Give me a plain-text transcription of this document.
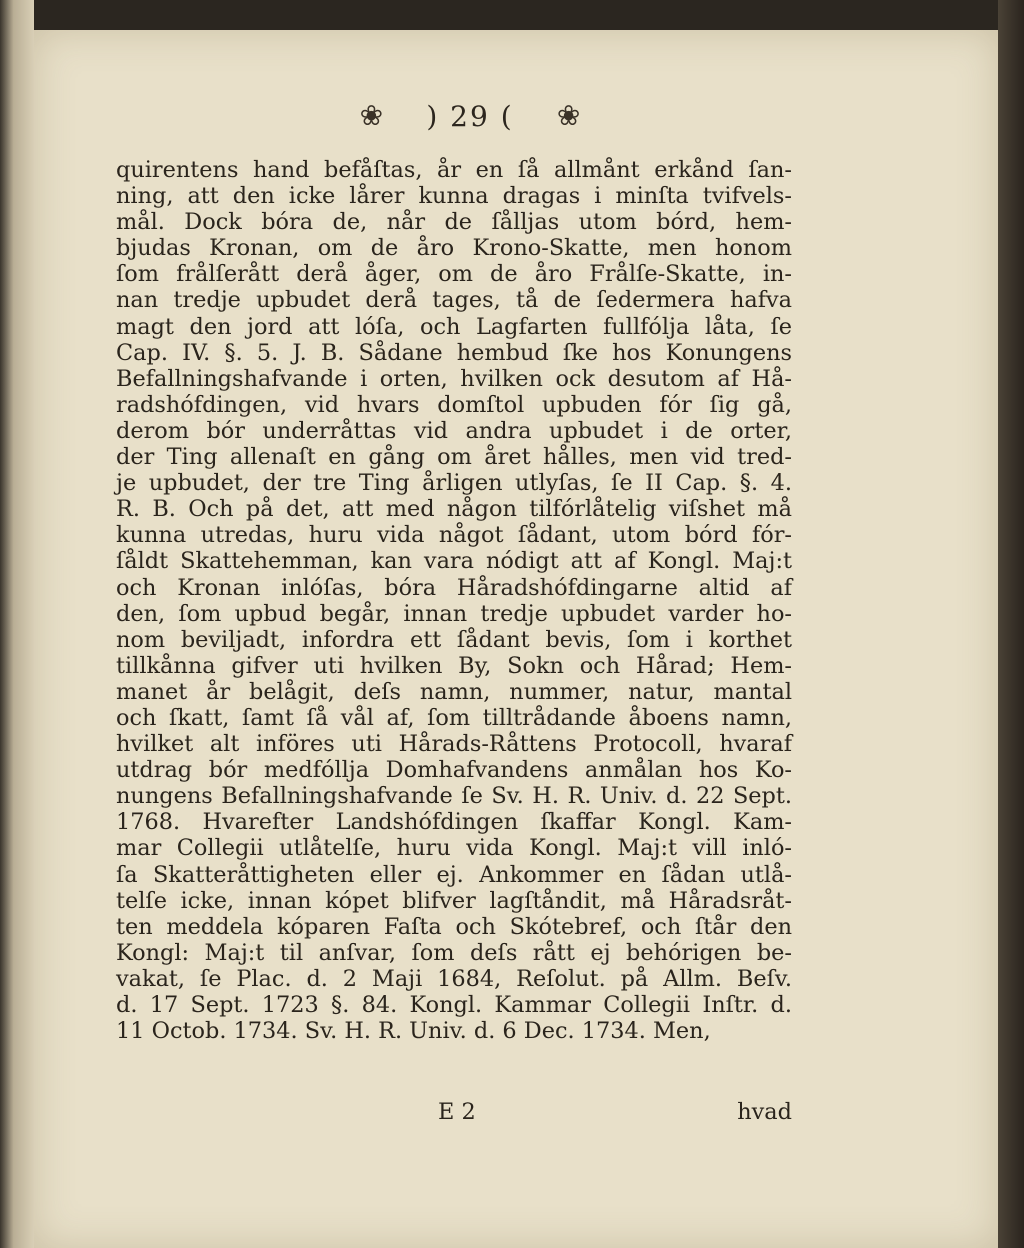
❀ ) 29 ( ❀
quirentens hand befåſtas, år en ſå allmånt erkånd ſan-
ning, att den icke lårer kunna dragas i minſta tvifvels-
mål. Dock bóra de, når de ſålljas utom bórd, hem-
bjudas Kronan, om de åro Krono-Skatte, men honom
ſom frålſerått derå åger, om de åro Frålſe-Skatte, in-
nan tredje upbudet derå tages, tå de ſedermera hafva
magt den jord att lóſa, och Lagfarten fullfólja låta, ſe
Cap. IV. §. 5. J. B. Sådane hembud ſke hos Konungens
Befallningshafvande i orten, hvilken ock desutom af Hå-
radshófdingen, vid hvars domſtol upbuden fór ſig gå,
derom bór underråttas vid andra upbudet i de orter,
der Ting allenaſt en gång om året hålles, men vid tred-
je upbudet, der tre Ting årligen utlyſas, ſe II Cap. §. 4.
R. B. Och på det, att med någon tilfórlåtelig viſshet må
kunna utredas, huru vida något ſådant, utom bórd fór-
ſåldt Skattehemman, kan vara nódigt att af Kongl. Maj:t
och Kronan inlóſas, bóra Håradshófdingarne altid af
den, ſom upbud begår, innan tredje upbudet varder ho-
nom beviljadt, infordra ett ſådant bevis, ſom i korthet
tillkånna gifver uti hvilken By, Sokn och Hårad; Hem-
manet år belågit, deſs namn, nummer, natur, mantal
och ſkatt, ſamt ſå vål af, ſom tilltrådande åboens namn,
hvilket alt införes uti Hårads-Råttens Protocoll, hvaraf
utdrag bór medfóllja Domhafvandens anmålan hos Ko-
nungens Befallningshafvande ſe Sv. H. R. Univ. d. 22 Sept.
1768. Hvarefter Landshófdingen ſkaffar Kongl. Kam-
mar Collegii utlåtelſe, huru vida Kongl. Maj:t vill inló-
ſa Skatteråttigheten eller ej. Ankommer en ſådan utlå-
telſe icke, innan kópet blifver lagſtåndit, må Håradsråt-
ten meddela kóparen Faſta och Skótebref, och ſtår den
Kongl: Maj:t til anſvar, ſom deſs rått ej behórigen be-
vakat, ſe Plac. d. 2 Maji 1684, Reſolut. på Allm. Beſv.
d. 17 Sept. 1723 §. 84. Kongl. Kammar Collegii Inſtr. d.
11 Octob. 1734. Sv. H. R. Univ. d. 6 Dec. 1734. Men,
E 2	hvad
